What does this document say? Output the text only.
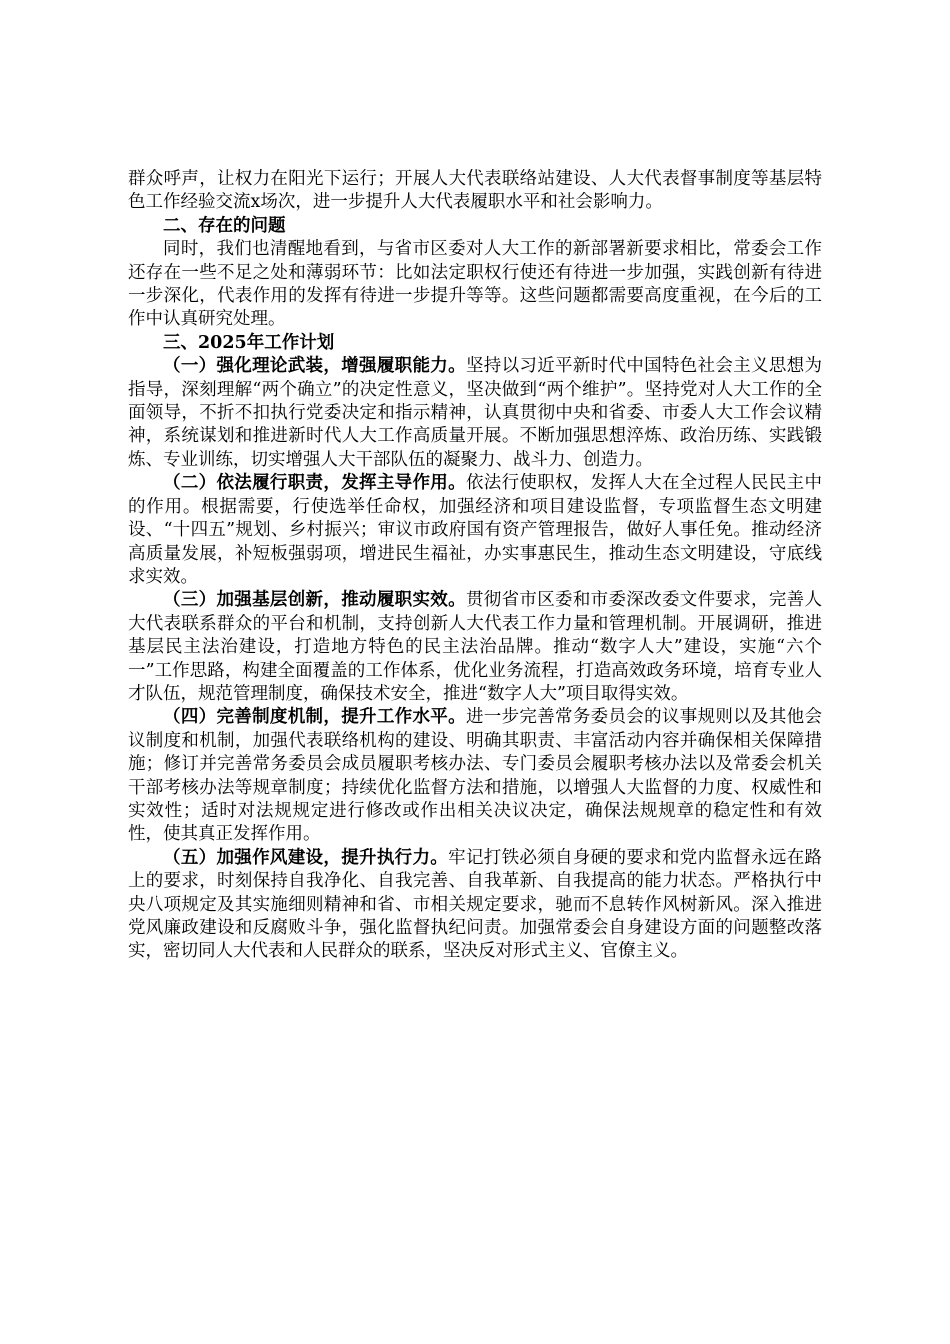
群众呼声，让权力在阳光下运行；开展人大代表联络站建设、人大代表督事制度等基层特色工作经验交流x场次，进一步提升人大代表履职水平和社会影响力。

二、存在的问题

同时，我们也清醒地看到，与省市区委对人大工作的新部署新要求相比，常委会工作还存在一些不足之处和薄弱环节：比如法定职权行使还有待进一步加强，实践创新有待进一步深化，代表作用的发挥有待进一步提升等等。这些问题都需要高度重视，在今后的工作中认真研究处理。

三、2025年工作计划

（一）强化理论武装，增强履职能力。坚持以习近平新时代中国特色社会主义思想为指导，深刻理解“两个确立”的决定性意义，坚决做到“两个维护”。坚持党对人大工作的全面领导，不折不扣执行党委决定和指示精神，认真贯彻中央和省委、市委人大工作会议精神，系统谋划和推进新时代人大工作高质量开展。不断加强思想淬炼、政治历练、实践锻炼、专业训练，切实增强人大干部队伍的凝聚力、战斗力、创造力。

（二）依法履行职责，发挥主导作用。依法行使职权，发挥人大在全过程人民民主中的作用。根据需要，行使选举任命权，加强经济和项目建设监督，专项监督生态文明建设、“十四五”规划、乡村振兴；审议市政府国有资产管理报告，做好人事任免。推动经济高质量发展，补短板强弱项，增进民生福祉，办实事惠民生，推动生态文明建设，守底线求实效。

（三）加强基层创新，推动履职实效。贯彻省市区委和市委深改委文件要求，完善人大代表联系群众的平台和机制，支持创新人大代表工作力量和管理机制。开展调研，推进基层民主法治建设，打造地方特色的民主法治品牌。推动“数字人大”建设，实施“六个一”工作思路，构建全面覆盖的工作体系，优化业务流程，打造高效政务环境，培育专业人才队伍，规范管理制度，确保技术安全，推进“数字人大”项目取得实效。

（四）完善制度机制，提升工作水平。进一步完善常务委员会的议事规则以及其他会议制度和机制，加强代表联络机构的建设、明确其职责、丰富活动内容并确保相关保障措施；修订并完善常务委员会成员履职考核办法、专门委员会履职考核办法以及常委会机关干部考核办法等规章制度；持续优化监督方法和措施，以增强人大监督的力度、权威性和实效性；适时对法规规定进行修改或作出相关决议决定，确保法规规章的稳定性和有效性，使其真正发挥作用。

（五）加强作风建设，提升执行力。牢记打铁必须自身硬的要求和党内监督永远在路上的要求，时刻保持自我净化、自我完善、自我革新、自我提高的能力状态。严格执行中央八项规定及其实施细则精神和省、市相关规定要求，驰而不息转作风树新风。深入推进党风廉政建设和反腐败斗争，强化监督执纪问责。加强常委会自身建设方面的问题整改落实，密切同人大代表和人民群众的联系，坚决反对形式主义、官僚主义。
